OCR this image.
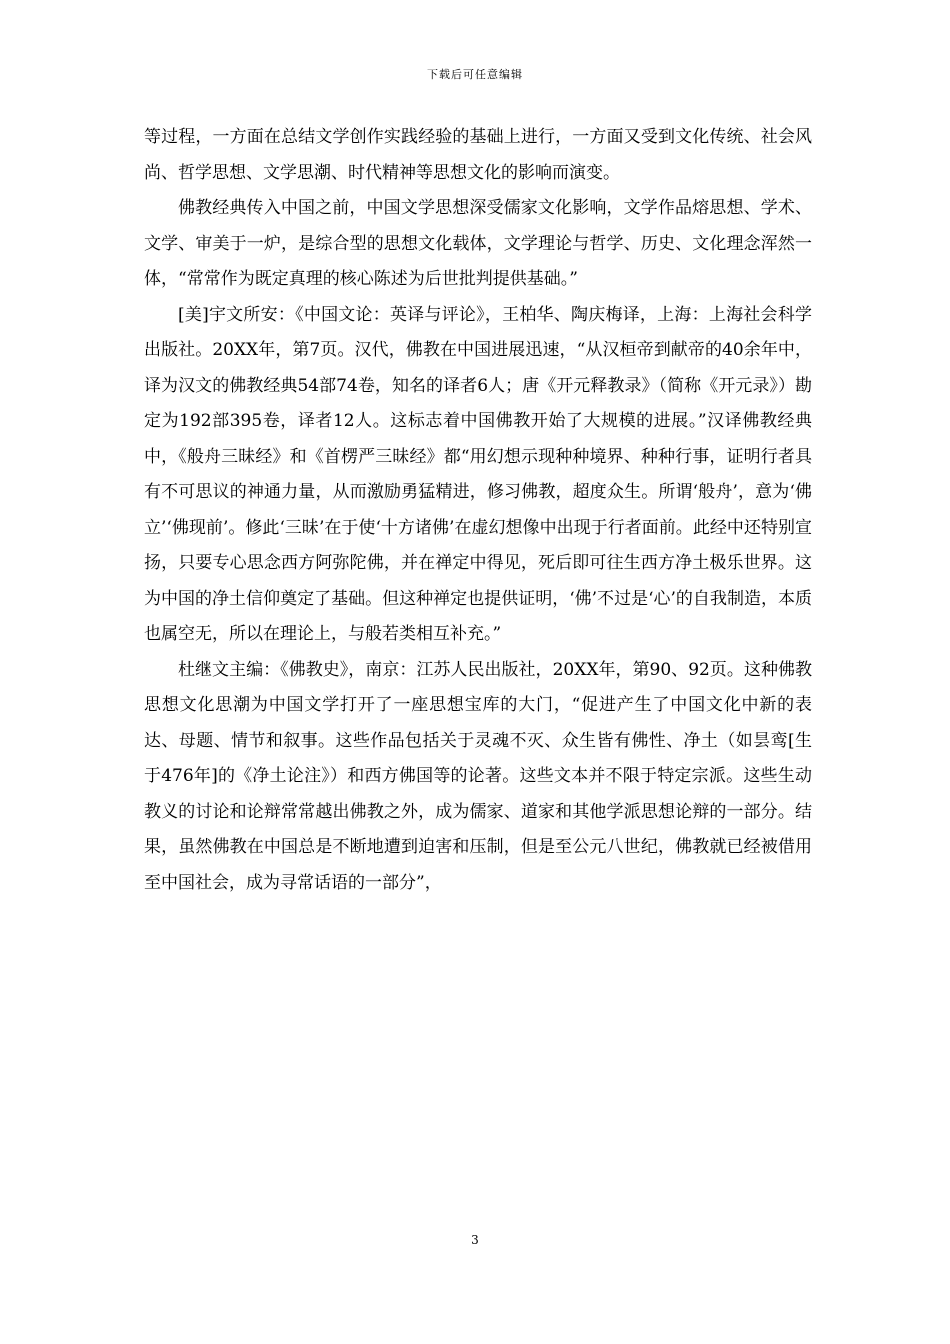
下载后可任意编辑

等过程，一方面在总结文学创作实践经验的基础上进行，一方面又受到文化传统、社会风尚、哲学思想、文学思潮、时代精神等思想文化的影响而演变。

佛教经典传入中国之前，中国文学思想深受儒家文化影响，文学作品熔思想、学术、文学、审美于一炉，是综合型的思想文化载体，文学理论与哲学、历史、文化理念浑然一体，“常常作为既定真理的核心陈述为后世批判提供基础。”

[美]宇文所安：《中国文论：英译与评论》，王柏华、陶庆梅译，上海：上海社会科学出版社。20XX年，第7页。汉代，佛教在中国进展迅速，“从汉桓帝到献帝的40余年中，译为汉文的佛教经典54部74卷，知名的译者6人；唐《开元释教录》（简称《开元录》）勘定为192部395卷，译者12人。这标志着中国佛教开始了大规模的进展。”汉译佛教经典中，《般舟三昧经》和《首楞严三昧经》都“用幻想示现种种境界、种种行事，证明行者具有不可思议的神通力量，从而激励勇猛精进，修习佛教，超度众生。所谓‘般舟’，意为‘佛立’‘佛现前’。修此‘三昧’在于使‘十方诸佛’在虚幻想像中出现于行者面前。此经中还特别宣扬，只要专心思念西方阿弥陀佛，并在禅定中得见，死后即可往生西方净土极乐世界。这为中国的净土信仰奠定了基础。但这种禅定也提供证明，‘佛’不过是‘心’的自我制造，本质也属空无，所以在理论上，与般若类相互补充。”

杜继文主编：《佛教史》，南京：江苏人民出版社，20XX年，第90、92页。这种佛教思想文化思潮为中国文学打开了一座思想宝库的大门，“促进产生了中国文化中新的表达、母题、情节和叙事。这些作品包括关于灵魂不灭、众生皆有佛性、净土（如昙鸾[生于476年]的《净土论注》）和西方佛国等的论著。这些文本并不限于特定宗派。这些生动教义的讨论和论辩常常越出佛教之外，成为儒家、道家和其他学派思想论辩的一部分。结果，虽然佛教在中国总是不断地遭到迫害和压制，但是至公元八世纪，佛教就已经被借用至中国社会，成为寻常话语的一部分”，

3
